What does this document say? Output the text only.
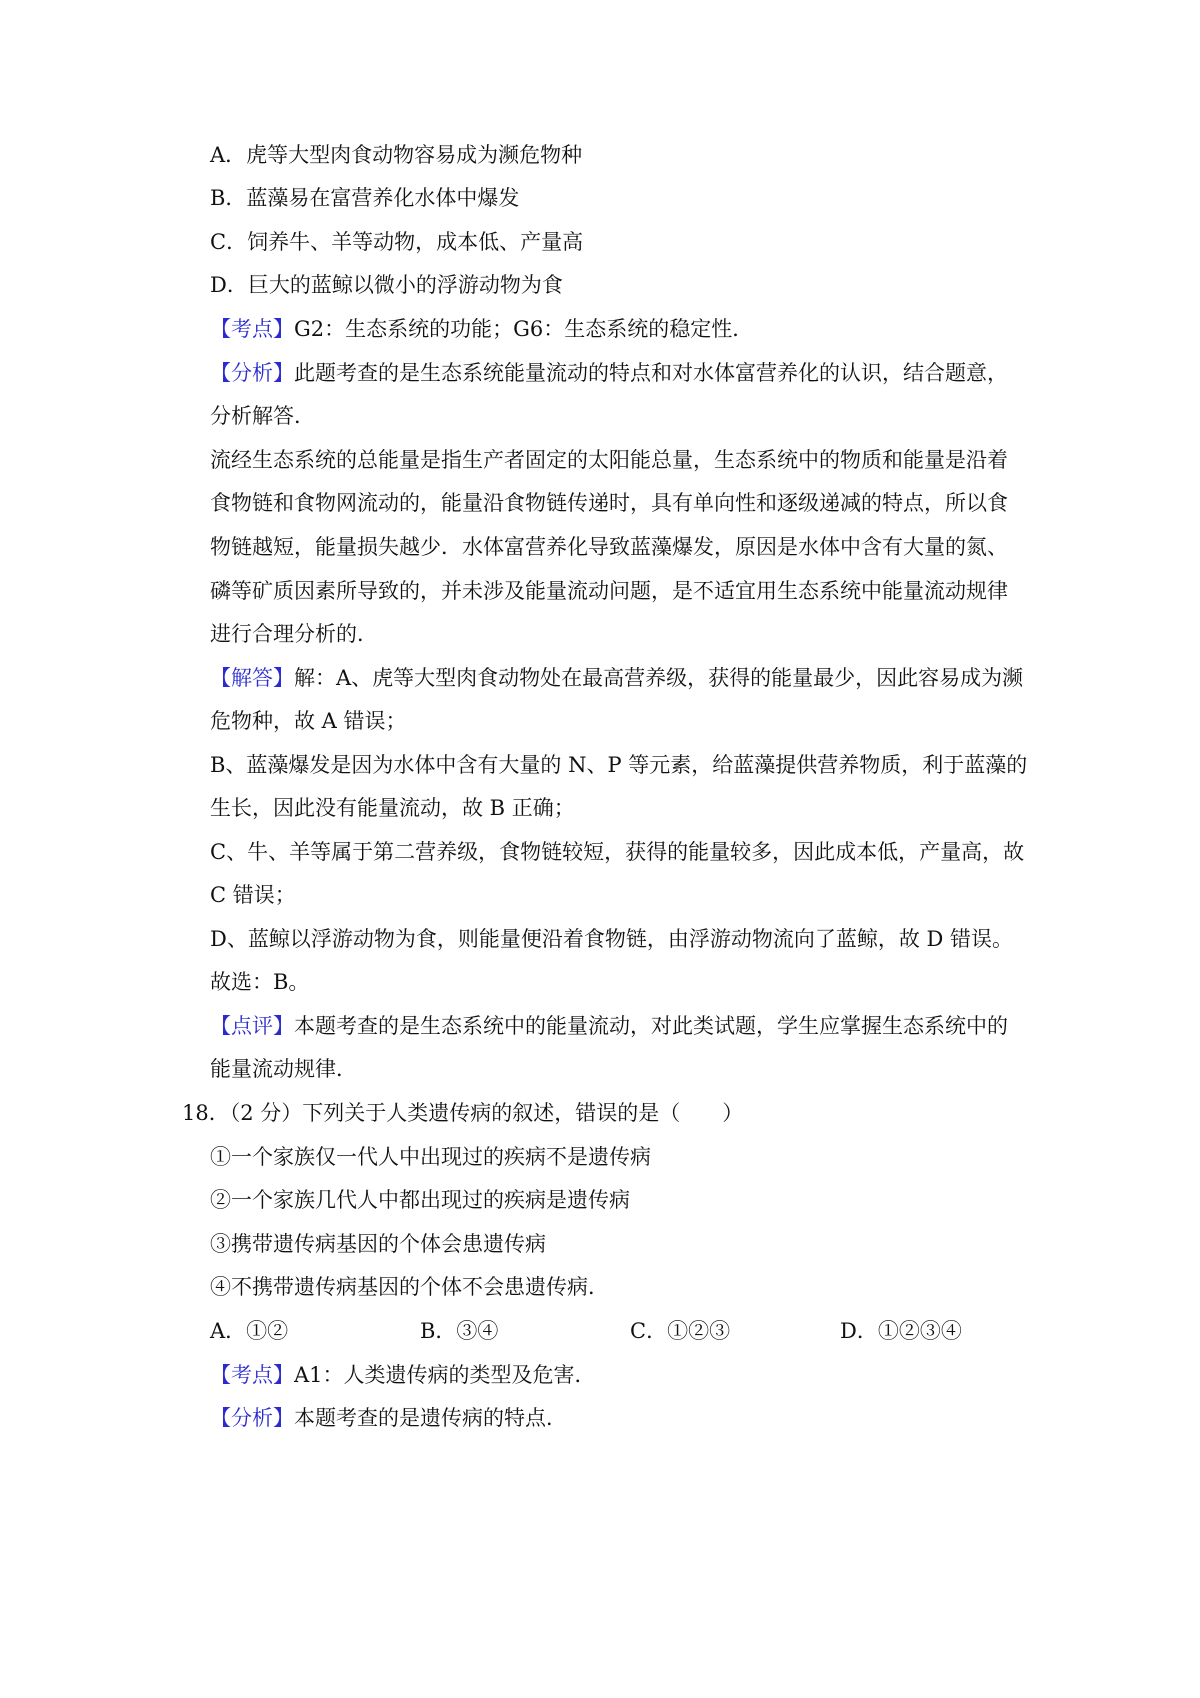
A．虎等大型肉食动物容易成为濒危物种
B．蓝藻易在富营养化水体中爆发
C．饲养牛、羊等动物，成本低、产量高
D．巨大的蓝鲸以微小的浮游动物为食
【考点】G2：生态系统的功能；G6：生态系统的稳定性．
【分析】此题考查的是生态系统能量流动的特点和对水体富营养化的认识，结合题意，
分析解答．
流经生态系统的总能量是指生产者固定的太阳能总量，生态系统中的物质和能量是沿着
食物链和食物网流动的，能量沿食物链传递时，具有单向性和逐级递减的特点，所以食
物链越短，能量损失越少．水体富营养化导致蓝藻爆发，原因是水体中含有大量的氮、
磷等矿质因素所导致的，并未涉及能量流动问题，是不适宜用生态系统中能量流动规律
进行合理分析的．
【解答】解：A、虎等大型肉食动物处在最高营养级，获得的能量最少，因此容易成为濒
危物种，故 A 错误；
B、蓝藻爆发是因为水体中含有大量的 N、P 等元素，给蓝藻提供营养物质，利于蓝藻的
生长，因此没有能量流动，故 B 正确；
C、牛、羊等属于第二营养级，食物链较短，获得的能量较多，因此成本低，产量高，故
C 错误；
D、蓝鲸以浮游动物为食，则能量便沿着食物链，由浮游动物流向了蓝鲸，故 D 错误。
故选：B。
【点评】本题考查的是生态系统中的能量流动，对此类试题，学生应掌握生态系统中的
能量流动规律．
18．（2 分）下列关于人类遗传病的叙述，错误的是（　　）
①一个家族仅一代人中出现过的疾病不是遗传病
②一个家族几代人中都出现过的疾病是遗传病
③携带遗传病基因的个体会患遗传病
④不携带遗传病基因的个体不会患遗传病．
A．①②	B．③④	C．①②③	D．①②③④
【考点】A1：人类遗传病的类型及危害．
【分析】本题考查的是遗传病的特点．
